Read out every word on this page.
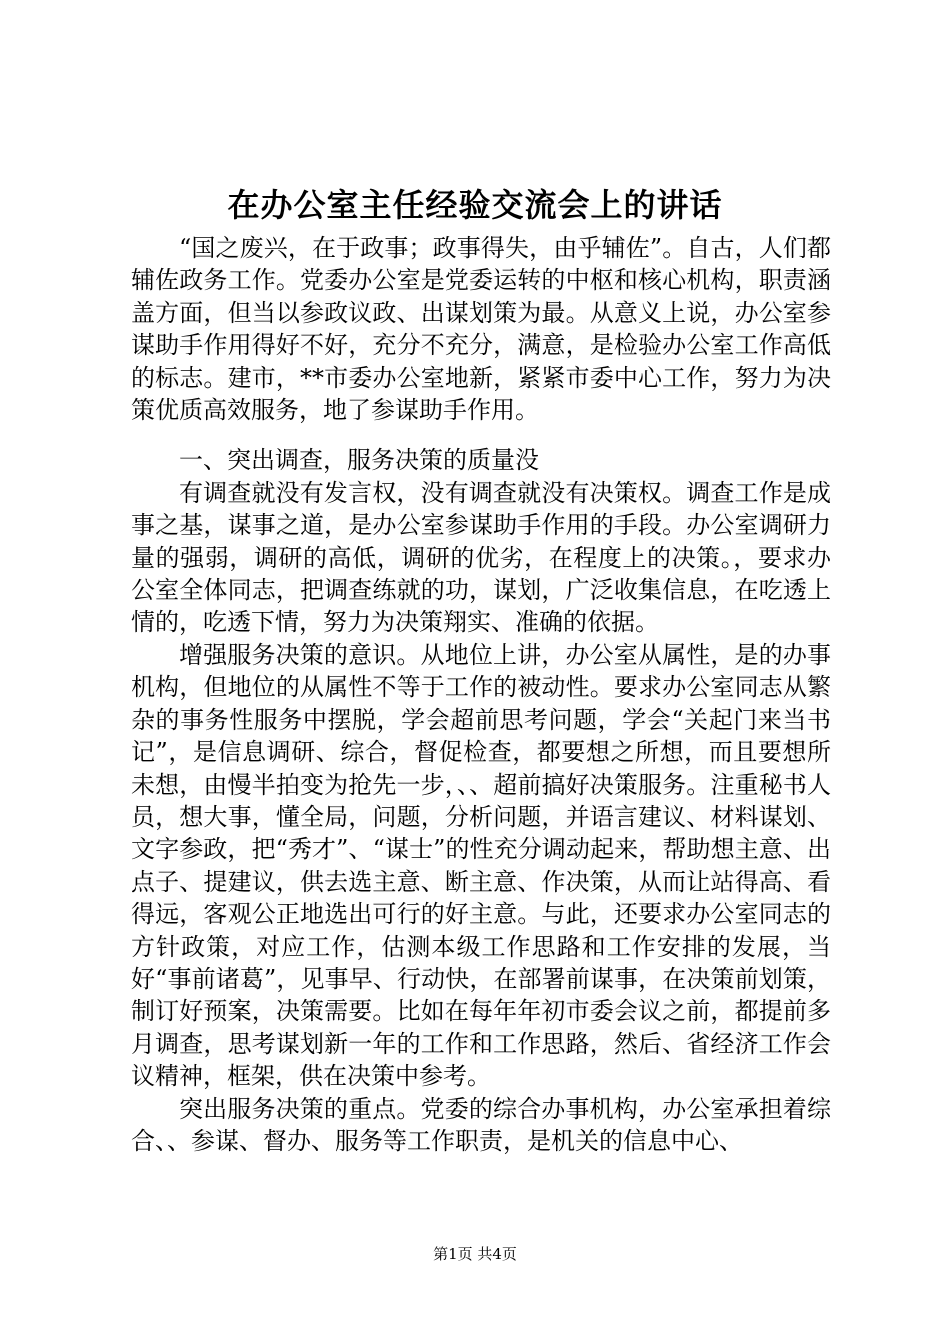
在办公室主任经验交流会上的讲话

“国之废兴，在于政事；政事得失，由乎辅佐”。自古，人们都辅佐政务工作。党委办公室是党委运转的中枢和核心机构，职责涵盖方面，但当以参政议政、出谋划策为最。从意义上说，办公室参谋助手作用得好不好，充分不充分，满意，是检验办公室工作高低的标志。建市，**市委办公室地新，紧紧市委中心工作，努力为决策优质高效服务，地了参谋助手作用。

一、突出调查，服务决策的质量没

有调查就没有发言权，没有调查就没有决策权。调查工作是成事之基，谋事之道，是办公室参谋助手作用的手段。办公室调研力量的强弱，调研的高低，调研的优劣，在程度上的决策。，要求办公室全体同志，把调查练就的功，谋划，广泛收集信息，在吃透上情的，吃透下情，努力为决策翔实、准确的依据。

增强服务决策的意识。从地位上讲，办公室从属性，是的办事机构，但地位的从属性不等于工作的被动性。要求办公室同志从繁杂的事务性服务中摆脱，学会超前思考问题，学会“关起门来当书记”，是信息调研、综合，督促检查，都要想之所想，而且要想所未想，由慢半拍变为抢先一步，、、超前搞好决策服务。注重秘书人员，想大事，懂全局，问题，分析问题，并语言建议、材料谋划、文字参政，把“秀才”、“谋士”的性充分调动起来，帮助想主意、出点子、提建议，供去选主意、断主意、作决策，从而让站得高、看得远，客观公正地选出可行的好主意。与此，还要求办公室同志的方针政策，对应工作，估测本级工作思路和工作安排的发展，当好“事前诸葛”，见事早、行动快，在部署前谋事，在决策前划策，制订好预案，决策需要。比如在每年年初市委会议之前，都提前多月调查，思考谋划新一年的工作和工作思路，然后、省经济工作会议精神，框架，供在决策中参考。

突出服务决策的重点。党委的综合办事机构，办公室承担着综合、、参谋、督办、服务等工作职责，是机关的信息中心、

第1页 共4页
